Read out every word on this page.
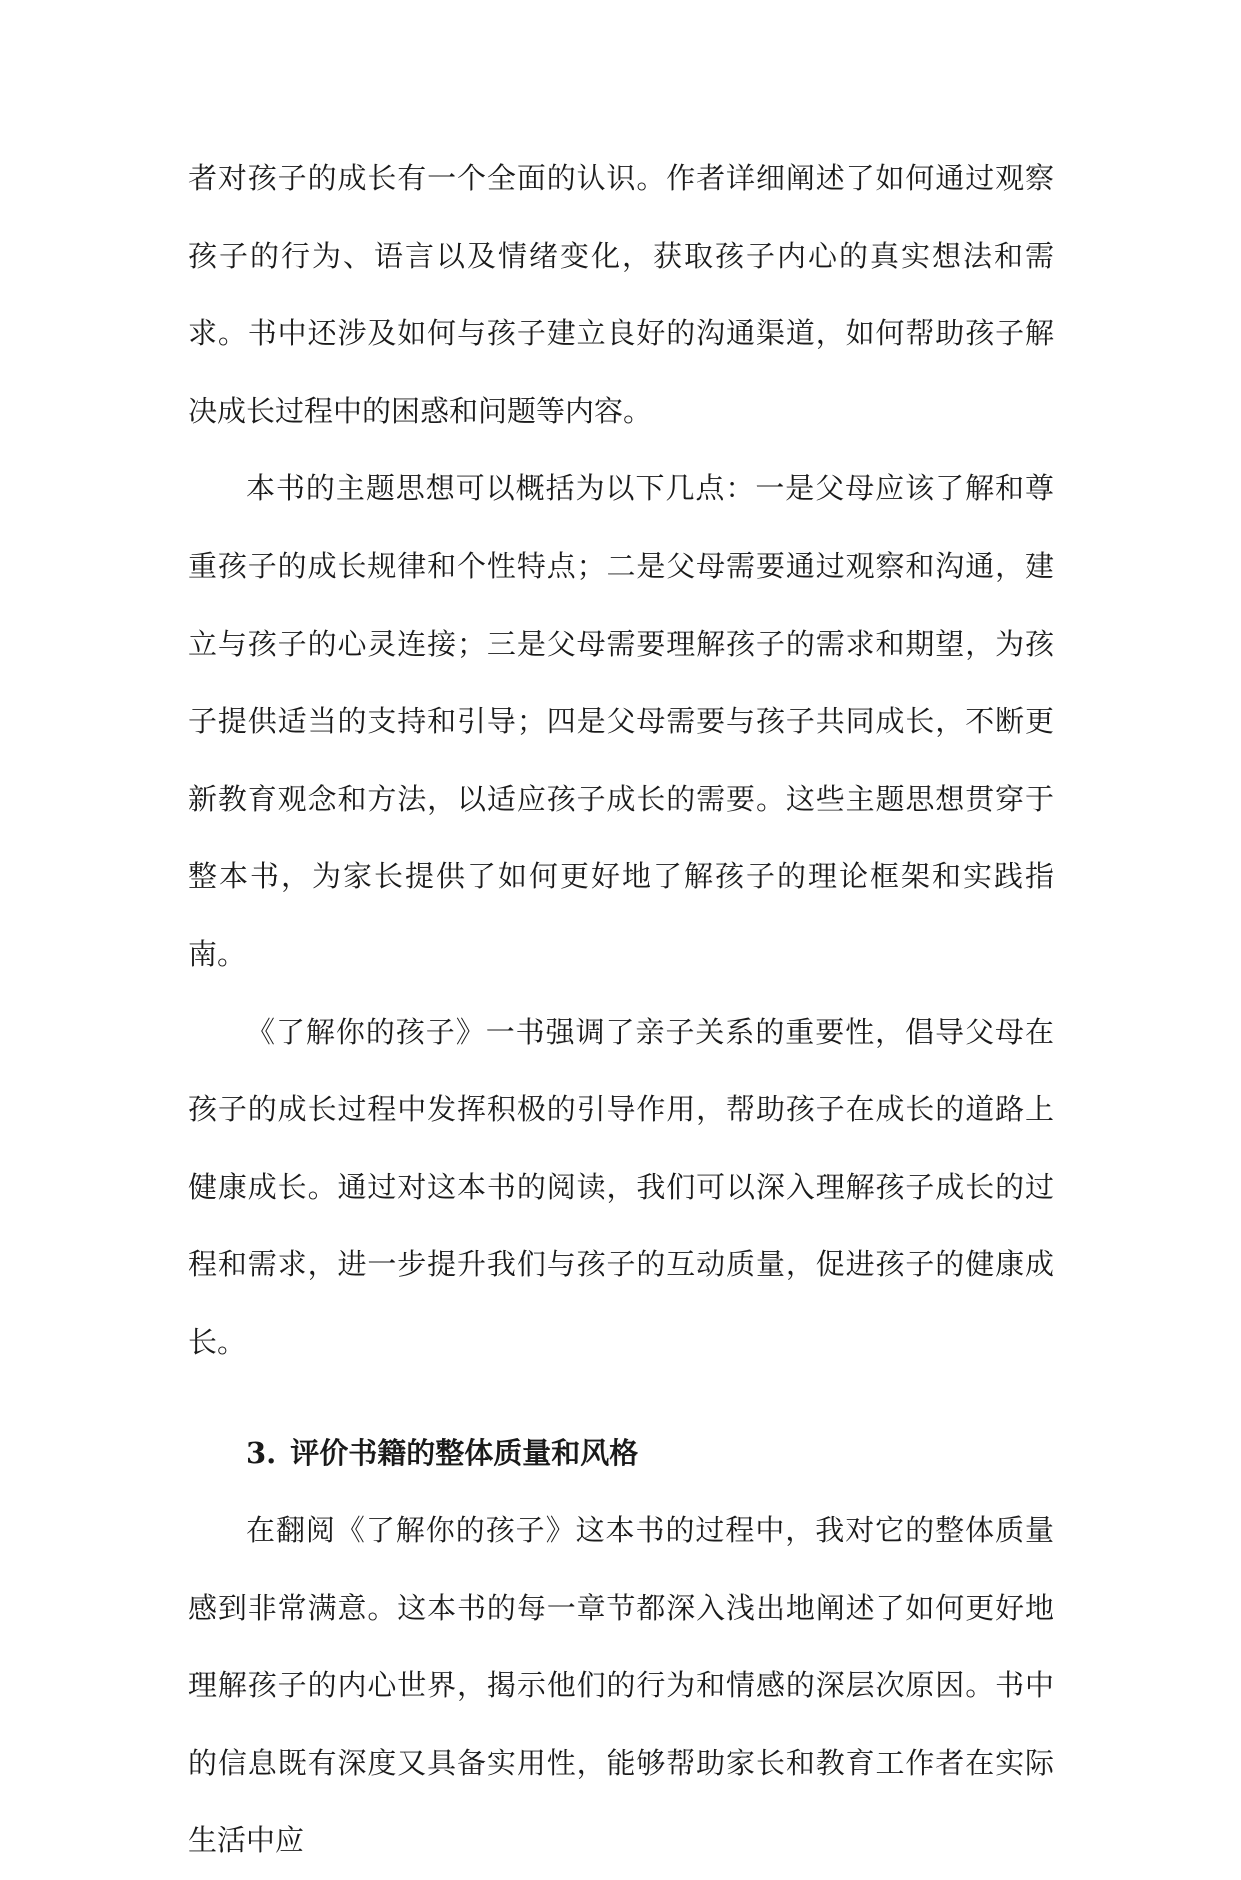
者对孩子的成长有一个全面的认识。作者详细阐述了如何通过观察孩子的行为、语言以及情绪变化，获取孩子内心的真实想法和需求。书中还涉及如何与孩子建立良好的沟通渠道，如何帮助孩子解决成长过程中的困惑和问题等内容。

本书的主题思想可以概括为以下几点：一是父母应该了解和尊重孩子的成长规律和个性特点；二是父母需要通过观察和沟通，建立与孩子的心灵连接；三是父母需要理解孩子的需求和期望，为孩子提供适当的支持和引导；四是父母需要与孩子共同成长，不断更新教育观念和方法，以适应孩子成长的需要。这些主题思想贯穿于整本书，为家长提供了如何更好地了解孩子的理论框架和实践指南。

《了解你的孩子》一书强调了亲子关系的重要性，倡导父母在孩子的成长过程中发挥积极的引导作用，帮助孩子在成长的道路上健康成长。通过对这本书的阅读，我们可以深入理解孩子成长的过程和需求，进一步提升我们与孩子的互动质量，促进孩子的健康成长。

3. 评价书籍的整体质量和风格

在翻阅《了解你的孩子》这本书的过程中，我对它的整体质量感到非常满意。这本书的每一章节都深入浅出地阐述了如何更好地理解孩子的内心世界，揭示他们的行为和情感的深层次原因。书中的信息既有深度又具备实用性，能够帮助家长和教育工作者在实际生活中应
